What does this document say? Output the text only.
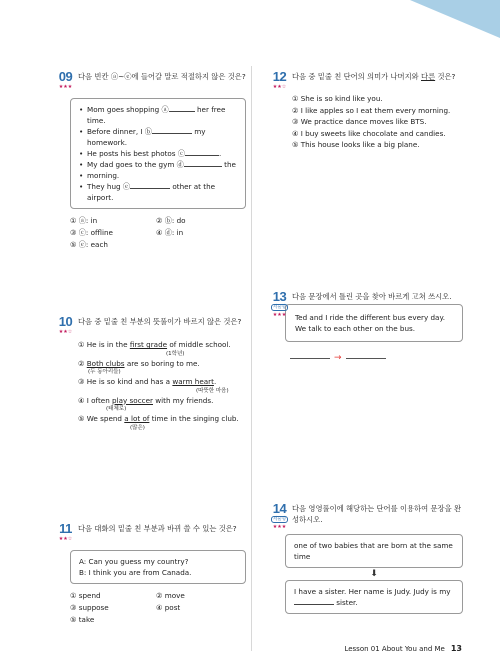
09
★★★
다음 빈칸 ⓐ~ⓔ에 들어갈 말로 적절하지 않은 것은?
• Mom goes shopping ⓐ	her free time.
• Before dinner, I ⓑ	my homework.
• He posts his best photos ⓒ	.
• My dad goes to the gym ⓓ	the
• morning.
• They hug ⓔ	other at the airport.
① ⓐ: in	② ⓑ: do
③ ⓒ: offline	④ ⓓ: in
⑤ ⓔ: each
10
★★☆
다음 중 밑줄 친 부분의 뜻풀이가 바르지 않은 것은?
① He is in the first grade of middle school.
(1학년)
② Both clubs are so boring to me.
(두 동아리들)
③ He is so kind and has a warm heart.
(따뜻한 마음)
④ I often play soccer with my friends.
(태체로)
⑤ We spend a lot of time in the singing club.
(많은)
11
★★☆
다음 대화의 밑줄 친 부분과 바뀌 쓸 수 있는 것은?
A: Can you guess my country?
B: I think you are from Canada.
① spend	② move
③ suppose	④ post
⑤ take
12
★★☆
다음 중 밑줄 친 단어의 의미가 나머지와 다른 것은?
① She is so kind like you.
② I like apples so I eat them every morning.
③ We practice dance moves like BTS.
④ I buy sweets like chocolate and candies.
⑤ This house looks like a big plane.
13
서술형
★★★
다음 문장에서 틀린 곳을 찾아 바르게 고쳐 쓰시오.
Ted and I ride the different bus every day. We talk to each other on the bus.
→
14
서술형
★★★
다음 영영풀이에 해당하는 단어를 이용하여 문장을 완성하시오.
one of two babies that are born at the same time
⬇
I have a sister. Her name is Judy. Judy is my
sister.
Lesson 01 About You and Me 13
